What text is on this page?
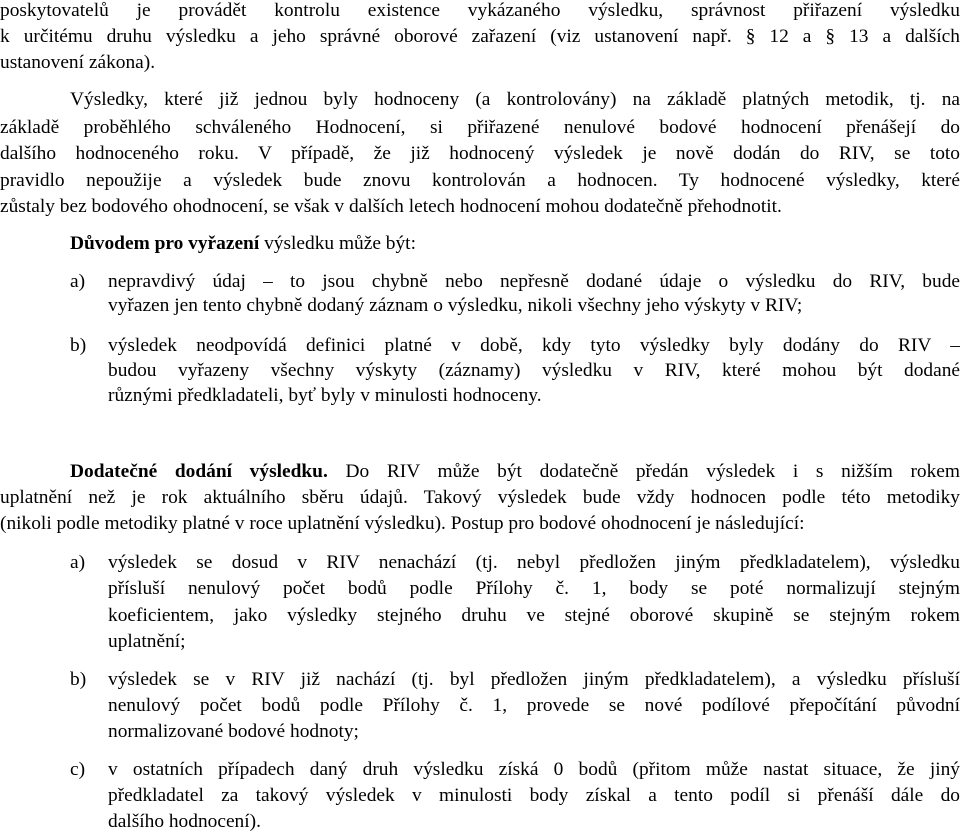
poskytovatelů je provádět kontrolu existence vykázaného výsledku, správnost přiřazení výsledku
k určitému druhu výsledku a jeho správné oborové zařazení (viz ustanovení např. § 12 a § 13 a dalších
ustanovení zákona).
Výsledky, které již jednou byly hodnoceny (a kontrolovány) na základě platných metodik, tj. na
základě proběhlého schváleného Hodnocení, si přiřazené nenulové bodové hodnocení přenášejí do
dalšího hodnoceného roku. V případě, že již hodnocený výsledek je nově dodán do RIV, se toto
pravidlo nepoužije a výsledek bude znovu kontrolován a hodnocen. Ty hodnocené výsledky, které
zůstaly bez bodového ohodnocení, se však v dalších letech hodnocení mohou dodatečně přehodnotit.
Důvodem pro vyřazení výsledku může být:
a) nepravdivý údaj – to jsou chybně nebo nepřesně dodané údaje o výsledku do RIV, bude
vyřazen jen tento chybně dodaný záznam o výsledku, nikoli všechny jeho výskyty v RIV;
b) výsledek neodpovídá definici platné v době, kdy tyto výsledky byly dodány do RIV –
budou vyřazeny všechny výskyty (záznamy) výsledku v RIV, které mohou být dodané
různými předkladateli, byť byly v minulosti hodnoceny.
Dodatečné dodání výsledku. Do RIV může být dodatečně předán výsledek i s nižším rokem
uplatnění než je rok aktuálního sběru údajů. Takový výsledek bude vždy hodnocen podle této metodiky
(nikoli podle metodiky platné v roce uplatnění výsledku). Postup pro bodové ohodnocení je následující:
a) výsledek se dosud v RIV nenachází (tj. nebyl předložen jiným předkladatelem), výsledku
přísluší nenulový počet bodů podle Přílohy č. 1, body se poté normalizují stejným
koeficientem, jako výsledky stejného druhu ve stejné oborové skupině se stejným rokem
uplatnění;
b) výsledek se v RIV již nachází (tj. byl předložen jiným předkladatelem), a výsledku přísluší
nenulový počet bodů podle Přílohy č. 1, provede se nové podílové přepočítání původní
normalizované bodové hodnoty;
c) v ostatních případech daný druh výsledku získá 0 bodů (přitom může nastat situace, že jiný
předkladatel za takový výsledek v minulosti body získal a tento podíl si přenáší dále do
dalšího hodnocení).
